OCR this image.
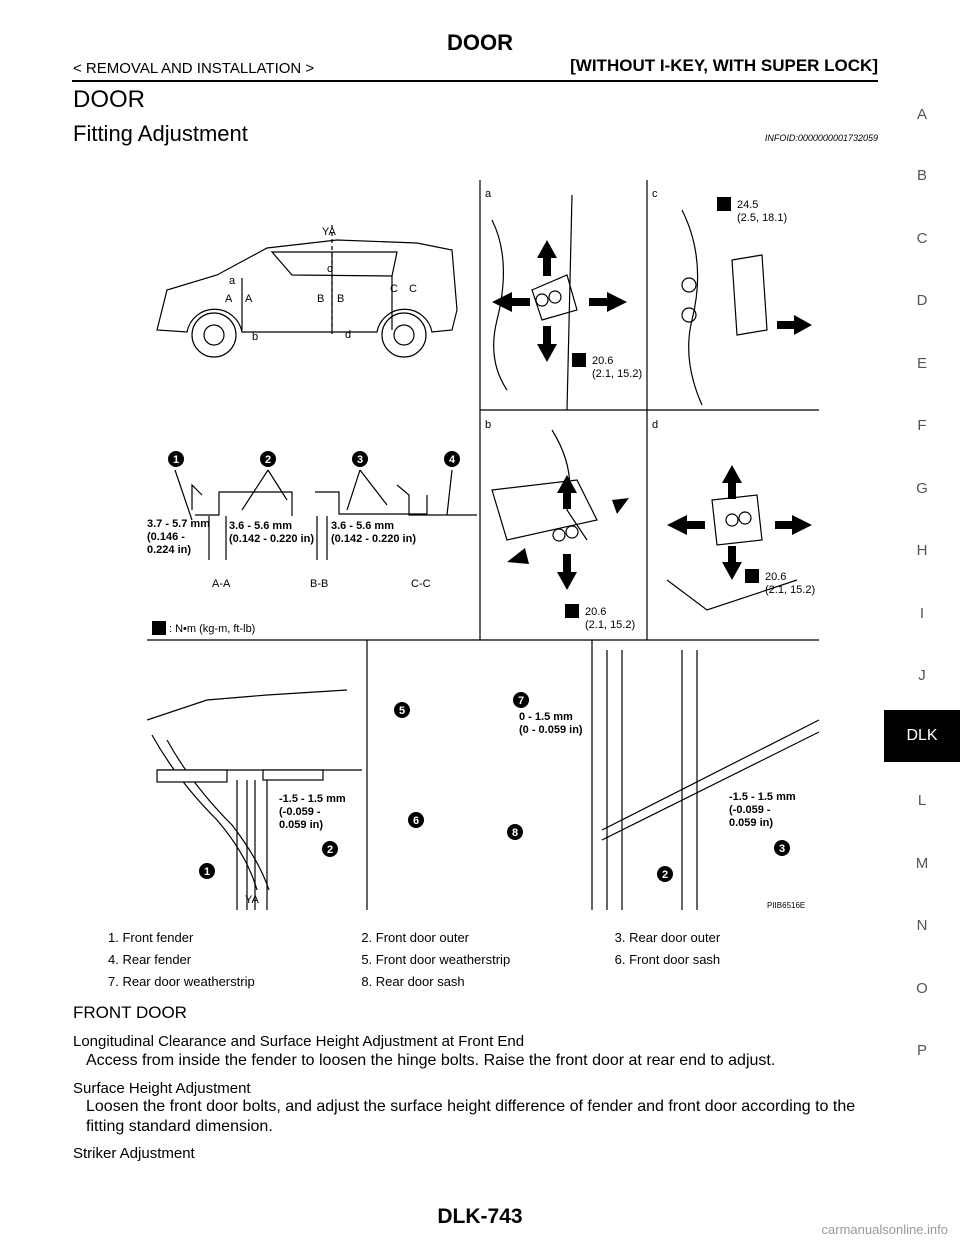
DOOR
< REMOVAL AND INSTALLATION >	[WITHOUT I-KEY, WITH SUPER LOCK]
DOOR
Fitting Adjustment	INFOID:0000000001732059
A
B
C
D
E
F
G
H
I
J
DLK
L
M
N
O
P
1	2	3	4
1
2
5
6
7
8
2
3
YA
a
b
c
d
A A	B B
C C
a
b
c
d
20.6
(2.1, 15.2)
20.6
(2.1, 15.2)
24.5
(2.5, 18.1)
20.6
(2.1, 15.2)
3.7 - 5.7 mm
(0.146 -
0.224 in)
3.6 - 5.6 mm
(0.142 - 0.220 in)
3.6 - 5.6 mm
(0.142 - 0.220 in)
-1.5 - 1.5 mm
(-0.059 -
0.059 in)
-1.5 - 1.5 mm
(-0.059 -
0.059 in)
0 - 1.5 mm
(0 - 0.059 in)
A-A	B-B	C-C
: N•m (kg-m, ft-lb)
YA	PIIB6516E
1. Front fender	2. Front door outer	3. Rear door outer
4. Rear fender	5. Front door weatherstrip	6. Front door sash
7. Rear door weatherstrip	8. Rear door sash
FRONT DOOR
Longitudinal Clearance and Surface Height Adjustment at Front End
Access from inside the fender to loosen the hinge bolts. Raise the front door at rear end to adjust.
Surface Height Adjustment
Loosen the front door bolts, and adjust the surface height difference of fender and front door according to the fitting standard dimension.
Striker Adjustment
DLK-743
carmanualsonline.info
